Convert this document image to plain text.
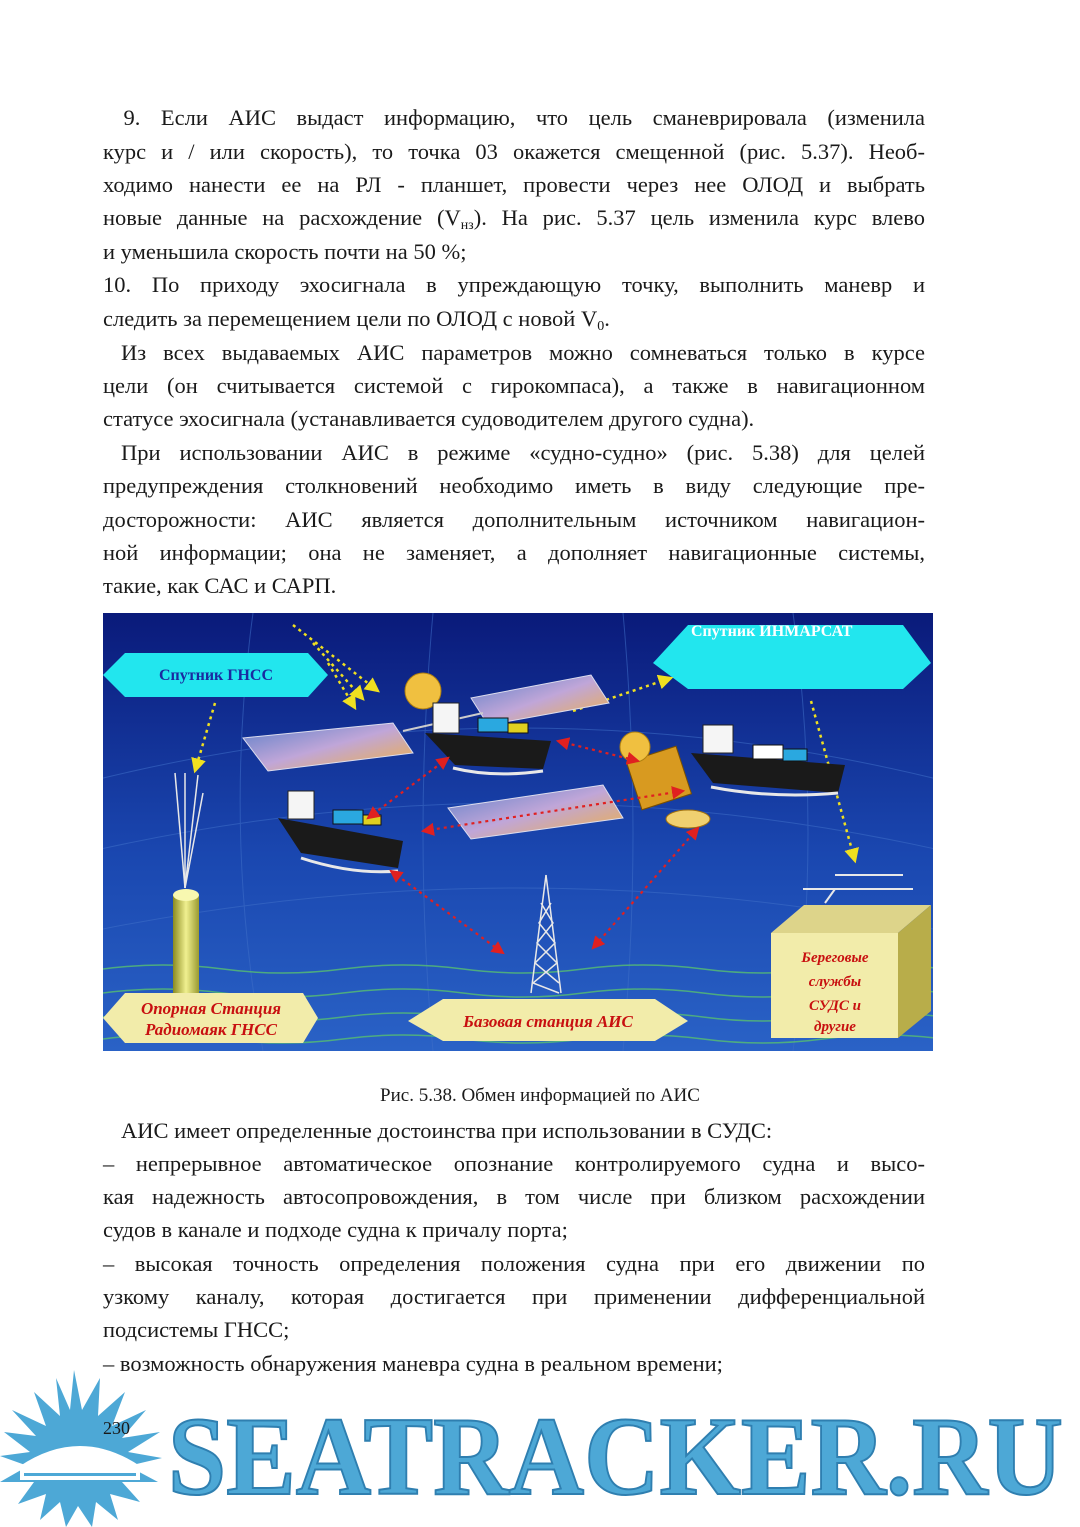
9. Если АИС выдаст информацию, что цель сманеврировала (изменила
курс и / или скорость), то точка 03 окажется смещенной (рис. 5.37). Необ-
ходимо нанести ее на РЛ - планшет, провести через нее ОЛОД и выбрать
новые данные на расхождение $(V_{нз})$. На рис. 5.37 цель изменила курс влево
и уменьшила скорость почти на 50 %;
10. По приходу эхосигнала в упреждающую точку, выполнить маневр и
следить за перемещением цели по ОЛОД с новой $V_0$.
Из всех выдаваемых АИС параметров можно сомневаться только в курсе
цели (он считывается системой с гирокомпаса), а также в навигационном
статусе эхосигнала (устанавливается судоводителем другого судна).
При использовании АИС в режиме «судно-судно» (рис. 5.38) для целей
предупреждения столкновений необходимо иметь в виду следующие пре-
досторожности: АИС является дополнительным источником навигацион-
ной информации; она не заменяет, а дополняет навигационные системы,
такие, как САС и САРП.
Спутник ГНСС
Спутник ИНМАРСАТ
Береговые
службы
СУДС и
другие
Опорная Станция
Радиомаяк ГНСС	Базовая станция АИС
Рис. 5.38. Обмен информацией по АИС
АИС имеет определенные достоинства при использовании в СУДС:
– непрерывное автоматическое опознание контролируемого судна и высо-
кая надежность автосопровождения, в том числе при близком расхождении
судов в канале и подходе судна к причалу порта;
– высокая точность определения положения судна при его движении по
узкому каналу, которая достигается при применении дифференциальной
подсистемы ГНСС;
– возможность обнаружения маневра судна в реальном времени;
SEATRACKER.RU
230
